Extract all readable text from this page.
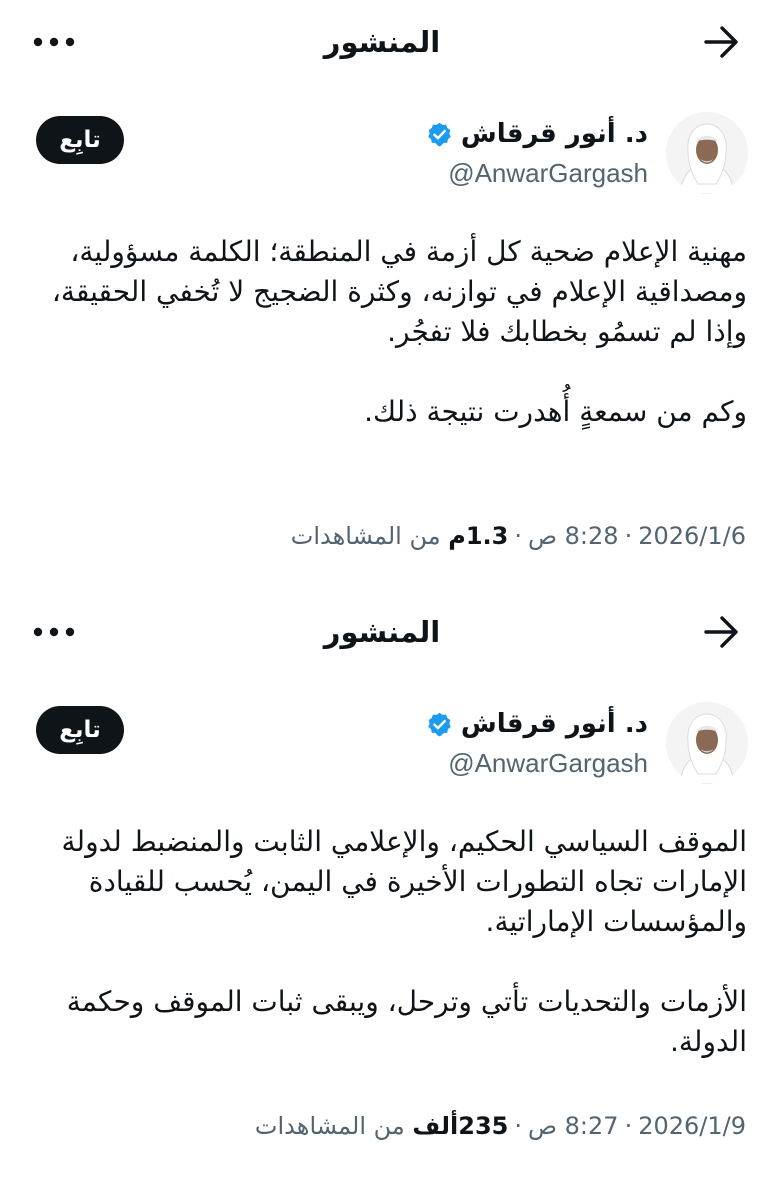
المنشور
د. أنور قرقاش
@AnwarGargash
تابِع

مهنية الإعلام ضحية كل أزمة في المنطقة؛ الكلمة مسؤولية، ومصداقية الإعلام في توازنه، وكثرة الضجيج لا تُخفي الحقيقة، وإذا لم تسمُو بخطابك فلا تفجُر.

وكم من سمعةٍ أُهدرت نتيجة ذلك.

2026/1/6·8:28 ص·1.3م من المشاهدات
المنشور
د. أنور قرقاش
@AnwarGargash
تابِع

الموقف السياسي الحكيم، والإعلامي الثابت والمنضبط لدولة الإمارات تجاه التطورات الأخيرة في اليمن، يُحسب للقيادة والمؤسسات الإماراتية.

الأزمات والتحديات تأتي وترحل، ويبقى ثبات الموقف وحكمة الدولة.

2026/1/9·8:27 ص·235ألف من المشاهدات
